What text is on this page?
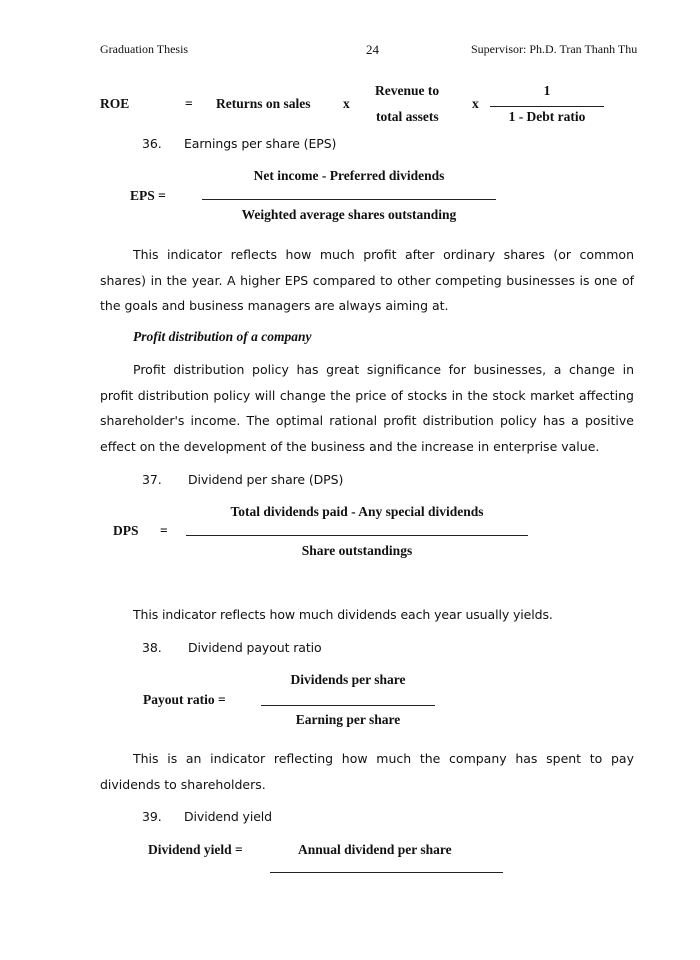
Graduation Thesis	24	Supervisor: Ph.D. Tran Thanh Thu
ROE	= Returns on sales x
Revenue to
total assets
x
1
1 - Debt ratio
36. Earnings per share (EPS)
EPS =
Net income - Preferred dividends
Weighted average shares outstanding

This indicator reflects how much profit after ordinary shares (or common shares) in the year. A higher EPS compared to other competing businesses is one of the goals and business managers are always aiming at.

Profit distribution of a company

Profit distribution policy has great significance for businesses, a change in profit distribution policy will change the price of stocks in the stock market affecting shareholder's income. The optimal rational profit distribution policy has a positive effect on the development of the business and the increase in enterprise value.

37. Dividend per share (DPS)
DPS =
Total dividends paid - Any special dividends
Share outstandings
This indicator reflects how much dividends each year usually yields.
38. Dividend payout ratio
Payout ratio =
Dividends per share
Earning per share

This is an indicator reflecting how much the company has spent to pay dividends to shareholders.

39. Dividend yield
Dividend yield =	Annual dividend per share
